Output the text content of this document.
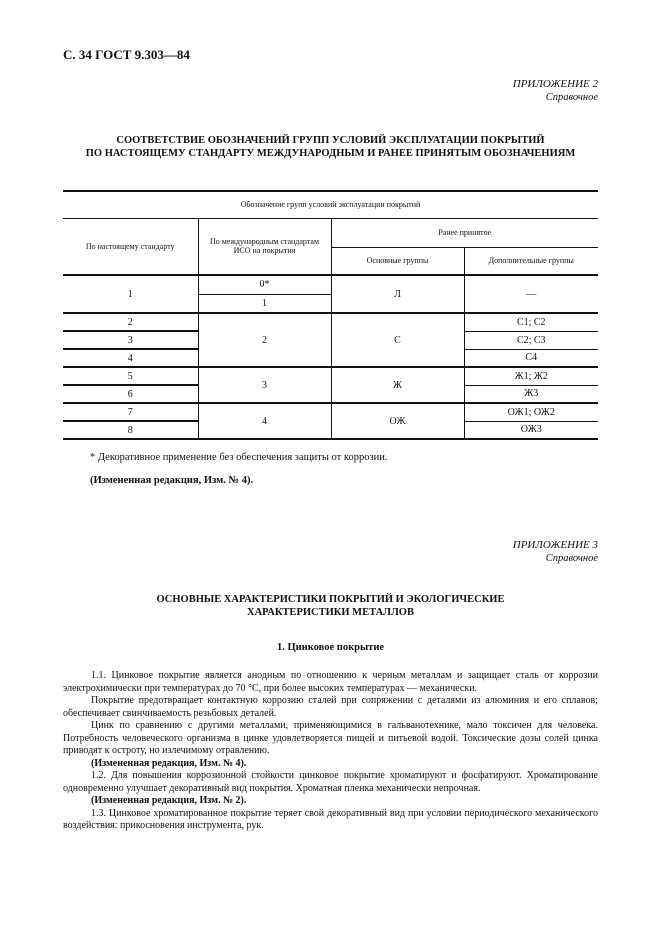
С. 34 ГОСТ 9.303—84
ПРИЛОЖЕНИЕ 2
Справочное
СООТВЕТСТВИЕ ОБОЗНАЧЕНИЙ ГРУПП УСЛОВИЙ ЭКСПЛУАТАЦИИ ПОКРЫТИЙ
ПО НАСТОЯЩЕМУ СТАНДАРТУ МЕЖДУНАРОДНЫМ И РАНЕЕ ПРИНЯТЫМ ОБОЗНАЧЕНИЯМ
Обозначение групп условий эксплуатации покрытий			
По настоящему стандарту	По международным стандартам ИСО на покрытия	Ранее принятое	
		Основные группы	Дополнительные группы
1	0*	Л	—
	1		
2	2	С	С1; С2
3			С2; С3
4			С4
5	3	Ж	Ж1; Ж2
6			Ж3
7	4	ОЖ	ОЖ1; ОЖ2
8			ОЖ3
* Декоративное применение без обеспечения защиты от коррозии.
(Измененная редакция, Изм. № 4).
ПРИЛОЖЕНИЕ 3
Справочное
ОСНОВНЫЕ ХАРАКТЕРИСТИКИ ПОКРЫТИЙ И ЭКОЛОГИЧЕСКИЕ
ХАРАКТЕРИСТИКИ МЕТАЛЛОВ
1. Цинковое покрытие

1.1. Цинковое покрытие является анодным по отношению к черным металлам и защищает сталь от коррозии электрохимически при температурах до 70 °С, при более высоких температурах — механически.

Покрытие предотвращает контактную коррозию сталей при сопряжении с деталями из алюминия и его сплавов; обеспечивает свинчиваемость резьбовых деталей.

Цинк по сравнению с другими металлами, применяющимися в гальванотехнике, мало токсичен для человека. Потребность человеческого организма в цинке удовлетворяется пищей и питьевой водой. Токсические дозы солей цинка приводят к остроту, но излечимому отравлению.

(Измененная редакция, Изм. № 4).

1.2. Для повышения коррозионной стойкости цинковое покрытие хроматируют и фосфатируют. Хроматирование одновременно улучшает декоративный вид покрытия. Хроматная пленка механически непрочная.

(Измененная редакция, Изм. № 2).

1.3. Цинковое хроматированное покрытие теряет свой декоративный вид при условии периодического механического воздействия: прикосновения инструмента, рук.
